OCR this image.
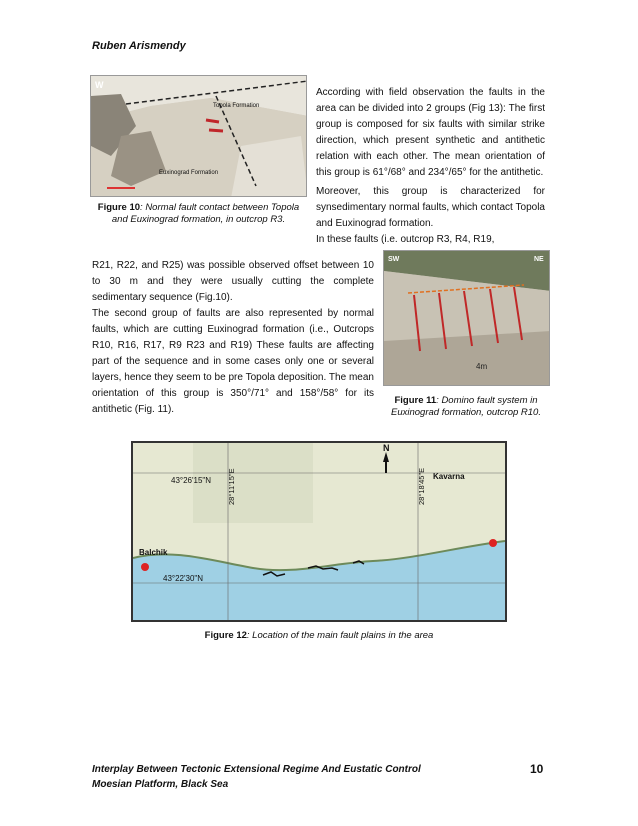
Ruben Arismendy
W
Topola Formation
Euxinograd Formation
Figure 10: Normal fault contact between Topola and Euxinograd formation, in outcrop R3.

According with field observation the faults in the area can be divided into 2 groups (Fig 13): The first group is composed for six faults with similar strike direction, which present synthetic and antithetic relation with each other. The mean orientation of this group is 61°/68° and 234°/65° for the antithetic.

Moreover, this group is characterized for synsedimentary normal faults, which contact Topola and Euxinograd formation.

In these faults (i.e. outcrop R3, R4, R19,

R21, R22, and R25) was possible observed offset between 10 to 30 m and they were usually cutting the complete sedimentary sequence (Fig.10).

The second group of faults are also represented by normal faults, which are cutting Euxinograd formation (i.e., Outcrops R10, R16, R17, R9 R23 and R19) These faults are affecting part of the sequence and in some cases only one or several layers, hence they seem to be pre Topola deposition. The mean orientation of this group is 350°/71° and 158°/58° for its antithetic (Fig. 11).

SW	NE
4m
Figure 11: Domino fault system in Euxinograd formation, outcrop R10.
N
43°26'15"N
43°22'30"N
28°11'15"E	28°18'45"E
Balchik
Kavarna
Figure 12: Location of the main fault plains in the area
Interplay Between Tectonic Extensional Regime And Eustatic Control
Moesian Platform, Black Sea
10
